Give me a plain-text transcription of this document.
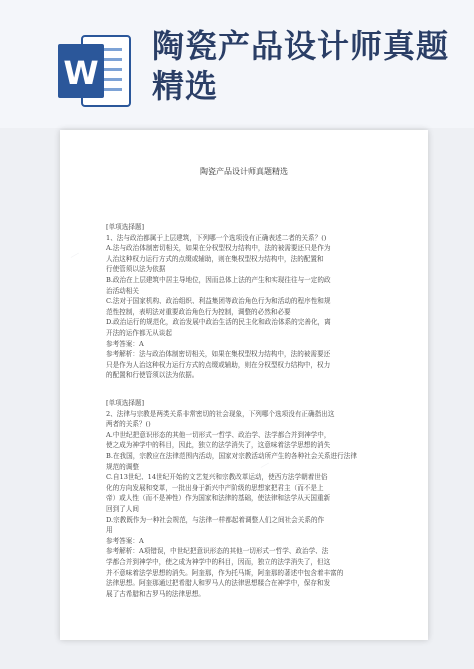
W
陶瓷产品设计师真题精选
陶瓷产品设计师真题精选

[单项选择题]

1、法与政治都属于上层建筑，下列哪一个选项没有正确表述二者的关系？()

A.法与政治体制密切相关，如果在分权型权力结构中，法的被需要还只是作为

人治这种权力运行方式的点缀或辅助，则在集权型权力结构中，法的配置和

行使管须以法为依据

B.政治在上层建筑中居主导地位，因而总体上法的产生和实现往往与一定的政

治活动相关

C.法对于国家机构、政治组织、利益集团等政治角色行为和活动的程序性和规

范性控制，表明法对重要政治角色行为控制，调整的必然和必要

D.政治运行的规范化，政治发展中政治生活的民主化和政治体系的完善化，离

开法的运作都无从谈起

参考答案：A

参考解析：法与政治体制密切相关，如果在集权型权力结构中，法的被需要还

只是作为人治这种权力运行方式的点缀或辅助，则在分权型权力结构中，权力

的配置和行使管须以法为依据。

[单项选择题]

2、法律与宗教是两类关系非常密切的社会现象，下列哪个选项没有正确指出这

两者的关系？()

A.中世纪把意识形态的其他一切形式一哲学、政治学、法学都合并到神学中，

使之成为神学中的科目，因此，独立的法学消失了，这意味着法学思想的消失

B.在我国，宗教应在法律范围内活动，国家对宗教活动所产生的各种社会关系进行法律

规范的调整

C.自13世纪、14世纪开始的文艺复兴和宗教改革运动，使西方法学朝着世俗

化的方向发展和变革，一批出身于新兴中产阶级的思想家把君主（而不是上

帝）或人性（而不是神性）作为国家和法律的基础，使法律和法学从天国重新

回到了人间

D.宗教既作为一种社会规范，与法律一样都起着调整人们之间社会关系的作

用

参考答案：A

参考解析：A项错误，中世纪把意识形态的其他一切形式一哲学、政治学、法

学都合并到神学中，使之成为神学中的科目，因而，独立的法学消失了，但这

并不意味着法学思想的消失。阿奎那，作为托马斯，阿奎那的著述中包含着丰富的

法律思想。阿奎那通过把希腊人和罗马人的法律思想糅合在神学中，保存和发

展了古希腊和古罗马的法律思想。

—
—
